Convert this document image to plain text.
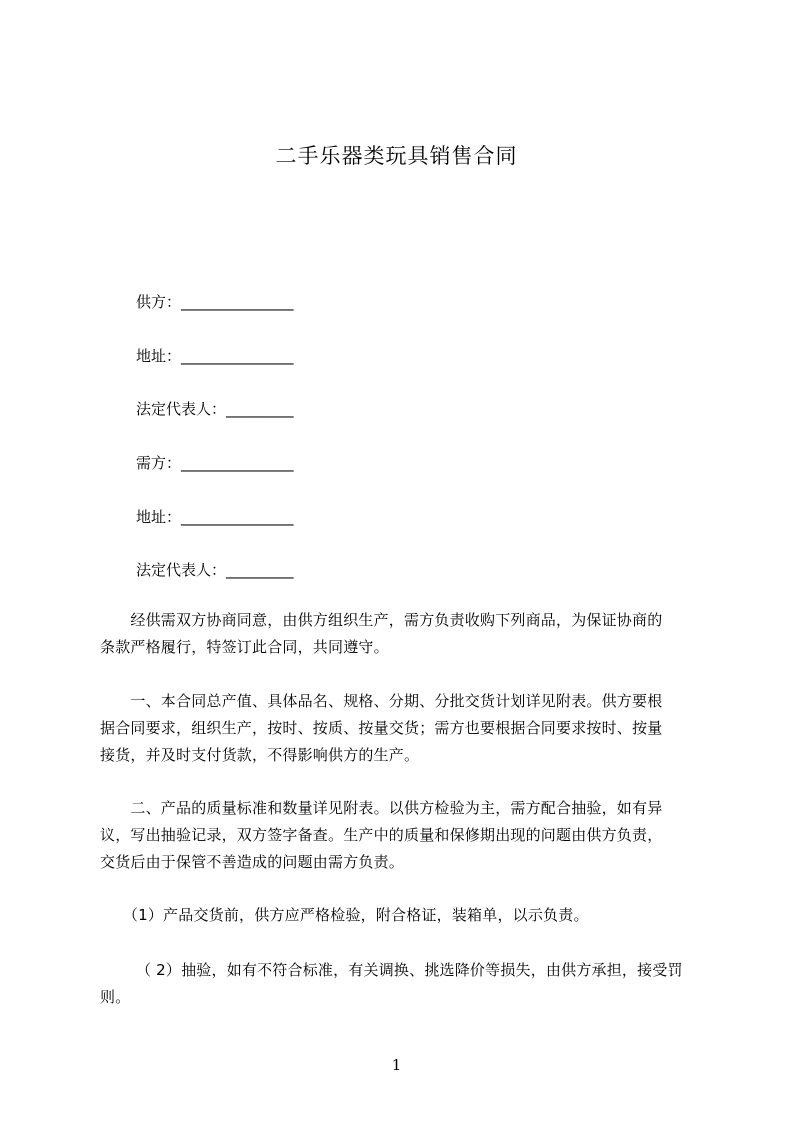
二手乐器类玩具销售合同
供方：_______________
地址：_______________
法定代表人：_________
需方：_______________
地址：_______________
法定代表人：_________
　　经供需双方协商同意，由供方组织生产，需方负责收购下列商品，为保证协商的
条款严格履行，特签订此合同，共同遵守。
　　一、本合同总产值、具体品名、规格、分期、分批交货计划详见附表。供方要根
据合同要求，组织生产，按时、按质、按量交货；需方也要根据合同要求按时、按量
接货，并及时支付货款，不得影响供方的生产。
　　二、产品的质量标准和数量详见附表。以供方检验为主，需方配合抽验，如有异
议，写出抽验记录，双方签字备查。生产中的质量和保修期出现的问题由供方负责，
交货后由于保管不善造成的问题由需方负责。
　　（1）产品交货前，供方应严格检验，附合格证，装箱单，以示负责。
（ 2）抽验，如有不符合标准，有关调换、挑选降价等损失，由供方承担，接受罚
则。
1
